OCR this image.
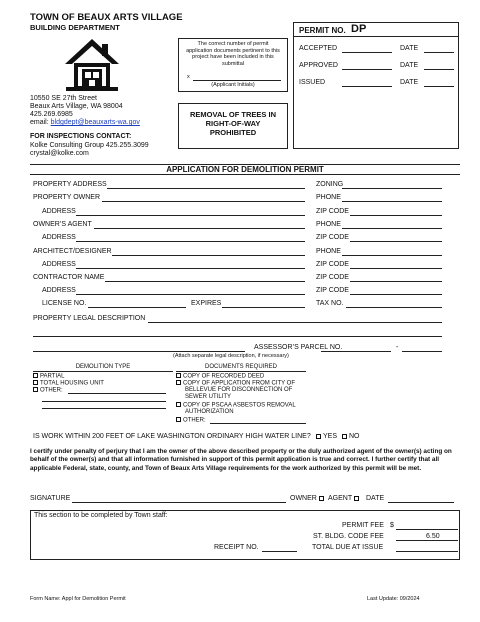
TOWN OF BEAUX ARTS VILLAGE
BUILDING DEPARTMENT
10550 SE 27th Street
Beaux Arts Village, WA 98004
425.269.6985
email: bldgdept@beauxarts-wa.gov
FOR INSPECTIONS CONTACT:
Kolke Consulting Group 425.255.3099
crystal@kolke.com
The correct number of permit application documents pertinent to this project have been included in this submittal
x
(Applicant Initials)
REMOVAL OF TREES IN RIGHT-OF-WAY PROHIBITED
PERMIT NO. DP
ACCEPTED	DATE
APPROVED	DATE
ISSUED	DATE
APPLICATION FOR DEMOLITION PERMIT
PROPERTY ADDRESS	ZONING
PROPERTY OWNER	PHONE
ADDRESS	ZIP CODE
OWNER’S AGENT	PHONE
ADDRESS	ZIP CODE
ARCHITECT/DESIGNER	PHONE
ADDRESS	ZIP CODE
CONTRACTOR NAME	ZIP CODE
ADDRESS	ZIP CODE
LICENSE NO.	EXPIRES	TAX NO.
PROPERTY LEGAL DESCRIPTION
ASSESSOR’S PARCEL NO.	-
(Attach separate legal description, if necessary)
DEMOLITION TYPE	DOCUMENTS REQUIRED
PARTIAL
TOTAL HOUSING UNIT
OTHER:
COPY OF RECORDED DEED
COPY OF APPLICATION FROM CITY OF
BELLEVUE FOR DISCONNECTION OF
SEWER UTILITY
COPY OF PSCAA ASBESTOS REMOVAL
AUTHORIZATION
OTHER:
IS WORK WITHIN 200 FEET OF LAKE WASHINGTON ORDINARY HIGH WATER LINE?	YES	NO
I certify under penalty of perjury that I am the owner of the above described property or the duly authorized agent of the owner(s) acting on behalf of the owner(s) and that all information furnished in support of this permit application is true and correct. I further certify that all applicable Federal, state, county, and Town of Beaux Arts Village requirements for the work authorized by this permit will be met.
SIGNATURE	OWNER	AGENT	DATE
This section to be completed by Town staff:
PERMIT FEE $
ST. BLDG. CODE FEE	6.50
RECEIPT NO.	TOTAL DUE AT ISSUE
Form Name: Appl for Demolition Permit	Last Update: 09/2024
